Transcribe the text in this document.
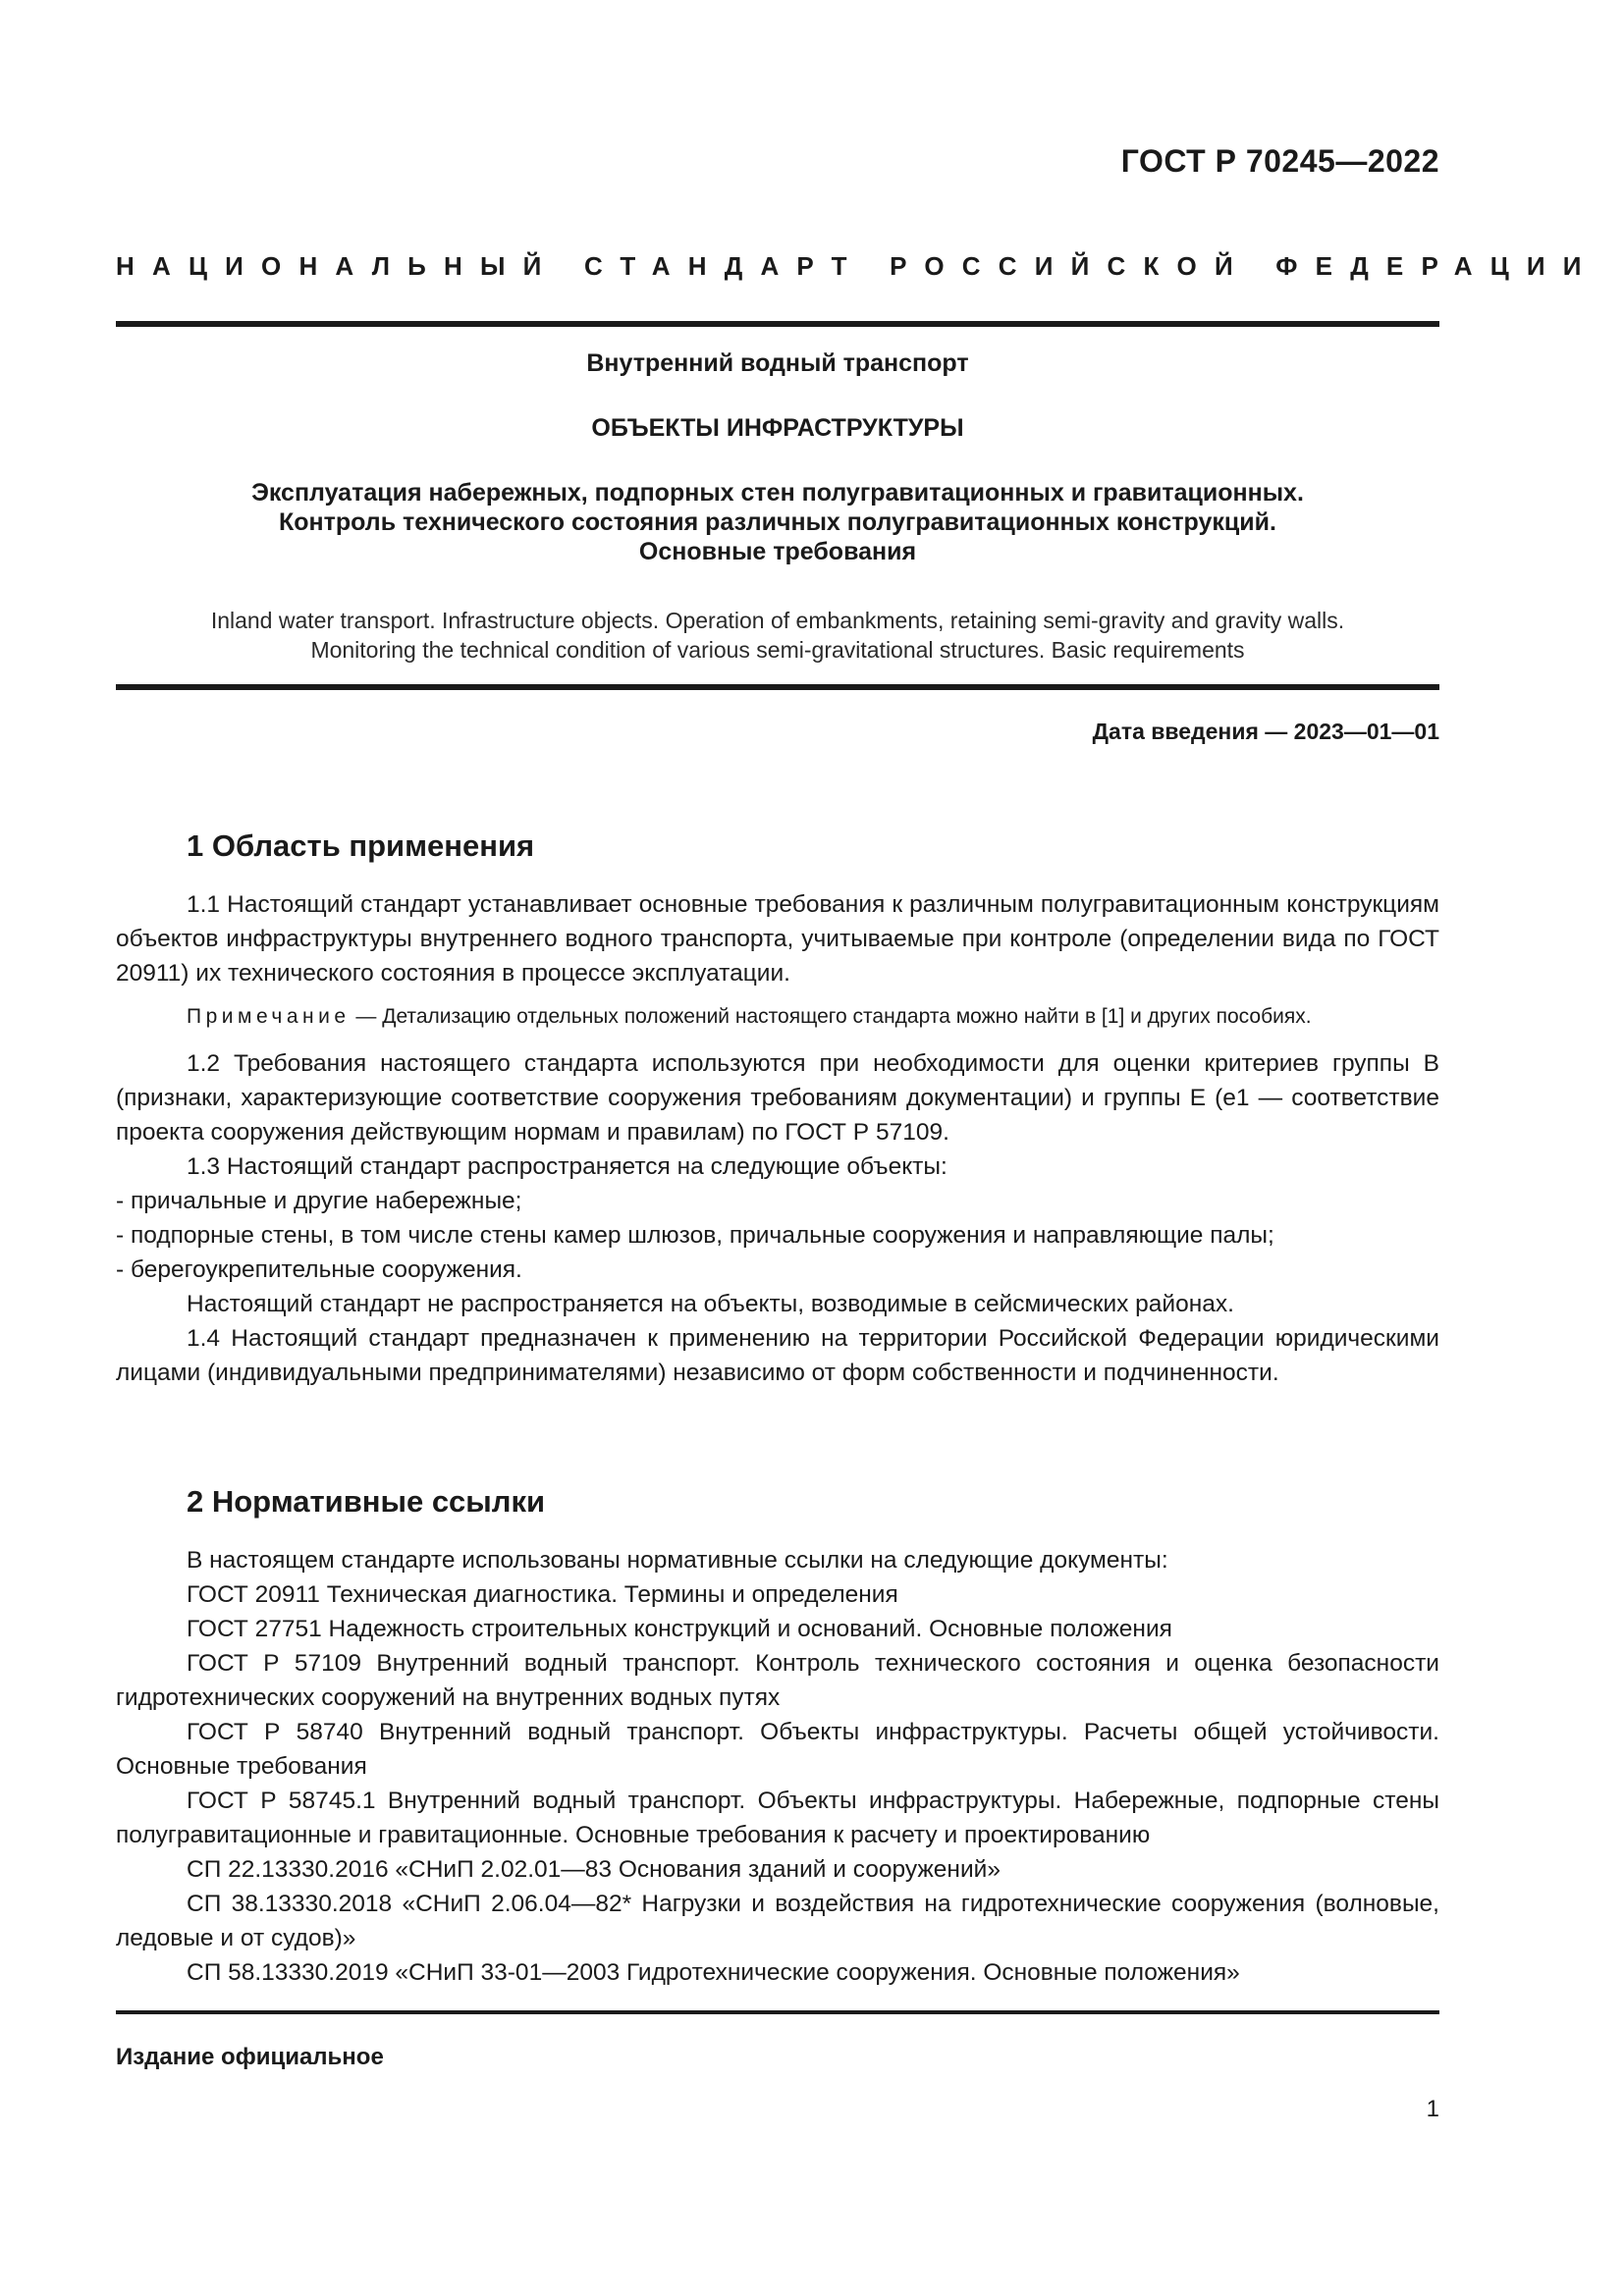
ГОСТ Р 70245—2022
НАЦИОНАЛЬНЫЙ СТАНДАРТ РОССИЙСКОЙ ФЕДЕРАЦИИ
Внутренний водный транспорт
ОБЪЕКТЫ ИНФРАСТРУКТУРЫ
Эксплуатация набережных, подпорных стен полугравитационных и гравитационных.
Контроль технического состояния различных полугравитационных конструкций.
Основные требования
Inland water transport. Infrastructure objects. Operation of embankments, retaining semi-gravity and gravity walls.
Monitoring the technical condition of various semi-gravitational structures. Basic requirements
Дата введения — 2023—01—01
1 Область применения

1.1 Настоящий стандарт устанавливает основные требования к различным полугравитационным конструкциям объектов инфраструктуры внутреннего водного транспорта, учитываемые при контроле (определении вида по ГОСТ 20911) их технического состояния в процессе эксплуатации.

Примечание — Детализацию отдельных положений настоящего стандарта можно найти в [1] и других пособиях.

1.2 Требования настоящего стандарта используются при необходимости для оценки критериев группы В (признаки, характеризующие соответствие сооружения требованиям документации) и группы Е (е1 — соответствие проекта сооружения действующим нормам и правилам) по ГОСТ Р 57109.

1.3 Настоящий стандарт распространяется на следующие объекты:

- причальные и другие набережные;

- подпорные стены, в том числе стены камер шлюзов, причальные сооружения и направляющие палы;

- берегоукрепительные сооружения.

Настоящий стандарт не распространяется на объекты, возводимые в сейсмических районах.

1.4 Настоящий стандарт предназначен к применению на территории Российской Федерации юридическими лицами (индивидуальными предпринимателями) независимо от форм собственности и подчиненности.

2 Нормативные ссылки

В настоящем стандарте использованы нормативные ссылки на следующие документы:

ГОСТ 20911 Техническая диагностика. Термины и определения

ГОСТ 27751 Надежность строительных конструкций и оснований. Основные положения

ГОСТ Р 57109 Внутренний водный транспорт. Контроль технического состояния и оценка безопасности гидротехнических сооружений на внутренних водных путях

ГОСТ Р 58740 Внутренний водный транспорт. Объекты инфраструктуры. Расчеты общей устойчивости. Основные требования

ГОСТ Р 58745.1 Внутренний водный транспорт. Объекты инфраструктуры. Набережные, подпорные стены полугравитационные и гравитационные. Основные требования к расчету и проектированию

СП 22.13330.2016 «СНиП 2.02.01—83 Основания зданий и сооружений»

СП 38.13330.2018 «СНиП 2.06.04—82* Нагрузки и воздействия на гидротехнические сооружения (волновые, ледовые и от судов)»

СП 58.13330.2019 «СНиП 33-01—2003 Гидротехнические сооружения. Основные положения»

Издание официальное
1
